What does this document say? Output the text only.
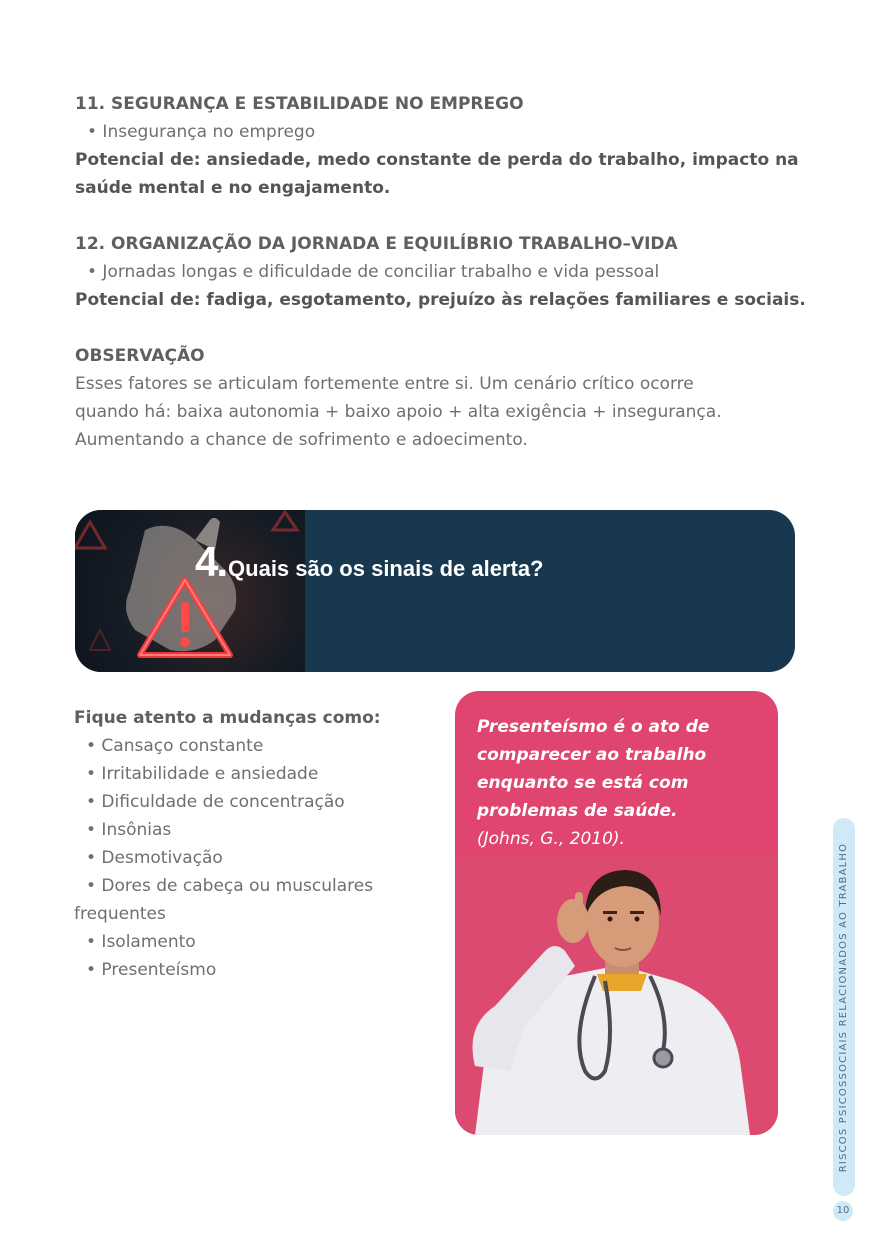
11. SEGURANÇA E ESTABILIDADE NO EMPREGO

• Insegurança no emprego

Potencial de: ansiedade, medo constante de perda do trabalho, impacto na saúde mental e no engajamento.

12. ORGANIZAÇÃO DA JORNADA E EQUILÍBRIO TRABALHO–VIDA

• Jornadas longas e dificuldade de conciliar trabalho e vida pessoal

Potencial de: fadiga, esgotamento, prejuízo às relações familiares e sociais.

OBSERVAÇÃO

Esses fatores se articulam fortemente entre si. Um cenário crítico ocorre

quando há: baixa autonomia + baixo apoio + alta exigência + insegurança.

Aumentando a chance de sofrimento e adoecimento.

4.Quais são os sinais de alerta?

Fique atento a mudanças como:

• Cansaço constante

• Irritabilidade e ansiedade

• Dificuldade de concentração

• Insônias

• Desmotivação

• Dores de cabeça ou musculares

frequentes

• Isolamento

• Presenteísmo

Presenteísmo é o ato de
comparecer ao trabalho
enquanto se está com
problemas de saúde.
(Johns, G., 2010).
RISCOS PSICOSSOCIAIS RELACIONADOS AO TRABALHO
10
